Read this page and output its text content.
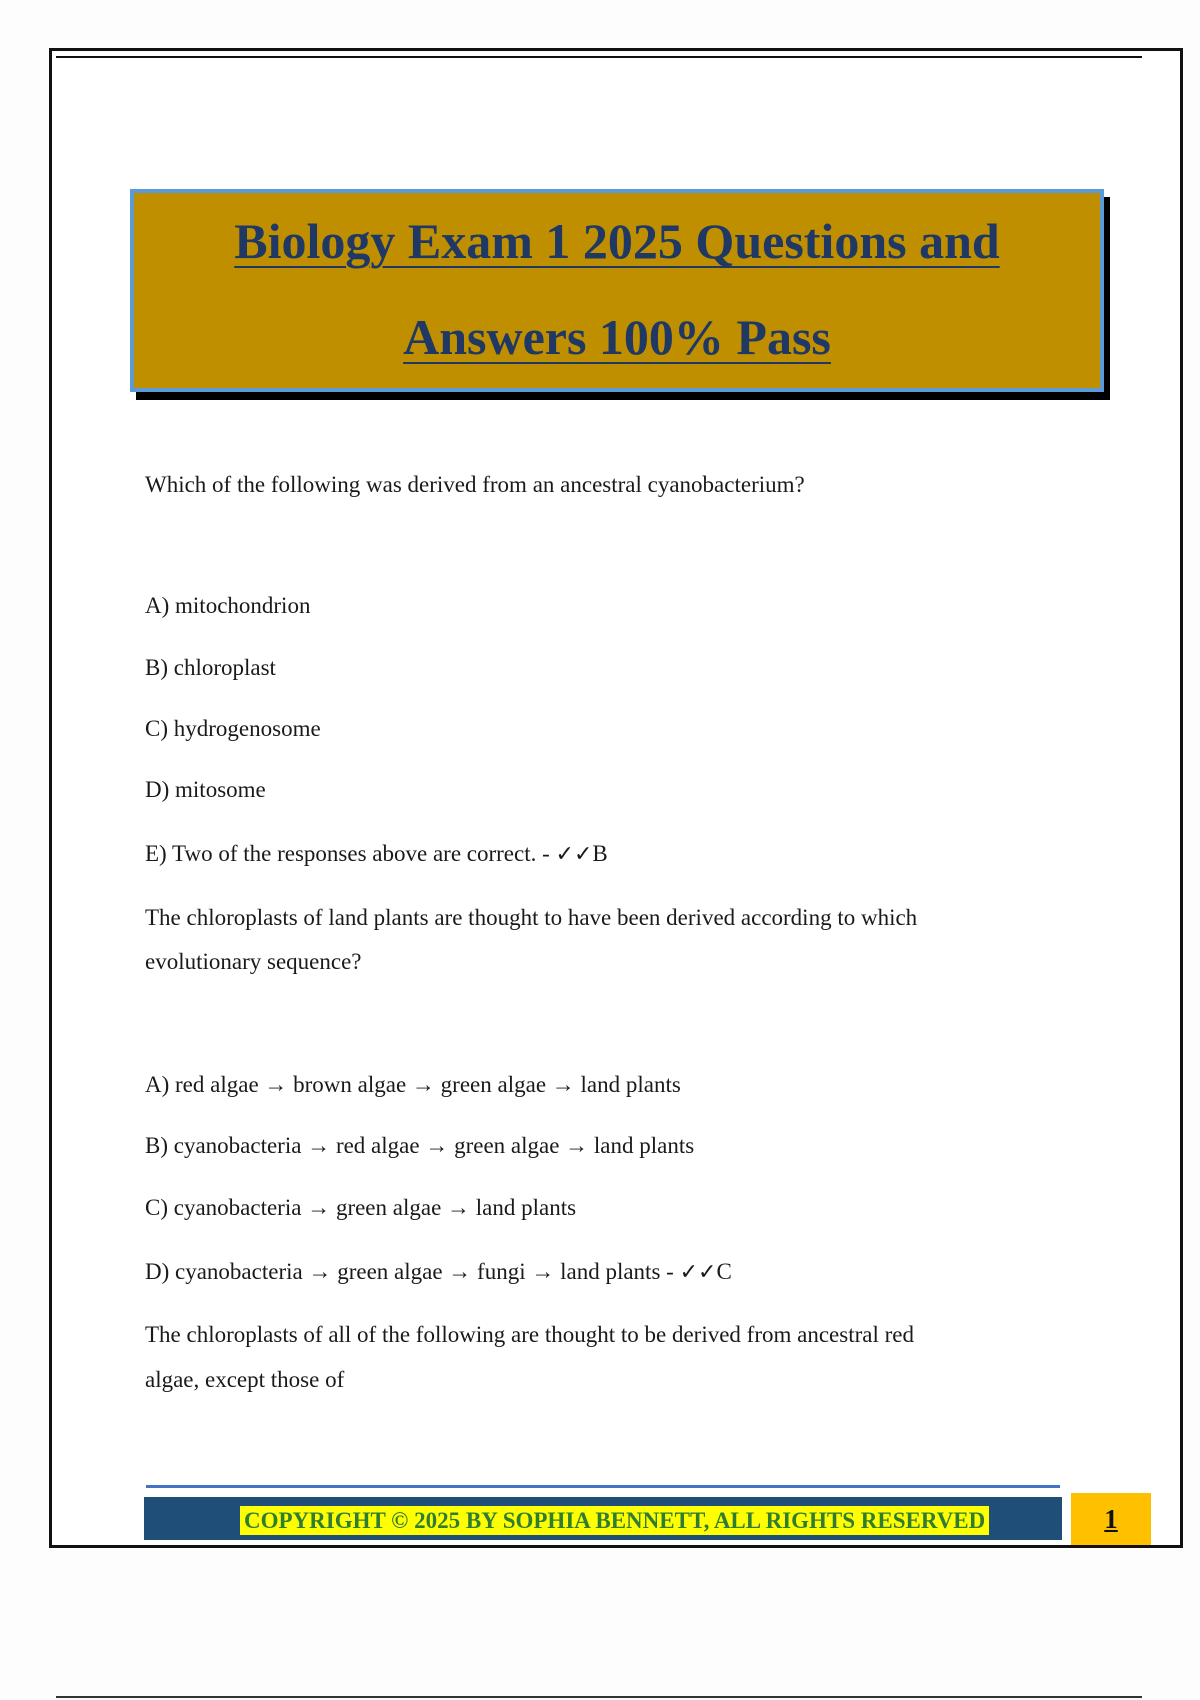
Biology Exam 1 2025 Questions and
Answers 100% Pass

Which of the following was derived from an ancestral cyanobacterium?

A) mitochondrion

B) chloroplast

C) hydrogenosome

D) mitosome

E) Two of the responses above are correct. - ✓✓B

The chloroplasts of land plants are thought to have been derived according to which

evolutionary sequence?

A) red algae → brown algae → green algae → land plants

B) cyanobacteria → red algae → green algae → land plants

C) cyanobacteria → green algae → land plants

D) cyanobacteria → green algae → fungi → land plants - ✓✓C

The chloroplasts of all of the following are thought to be derived from ancestral red

algae, except those of

COPYRIGHT © 2025 BY SOPHIA BENNETT, ALL RIGHTS RESERVED	1
